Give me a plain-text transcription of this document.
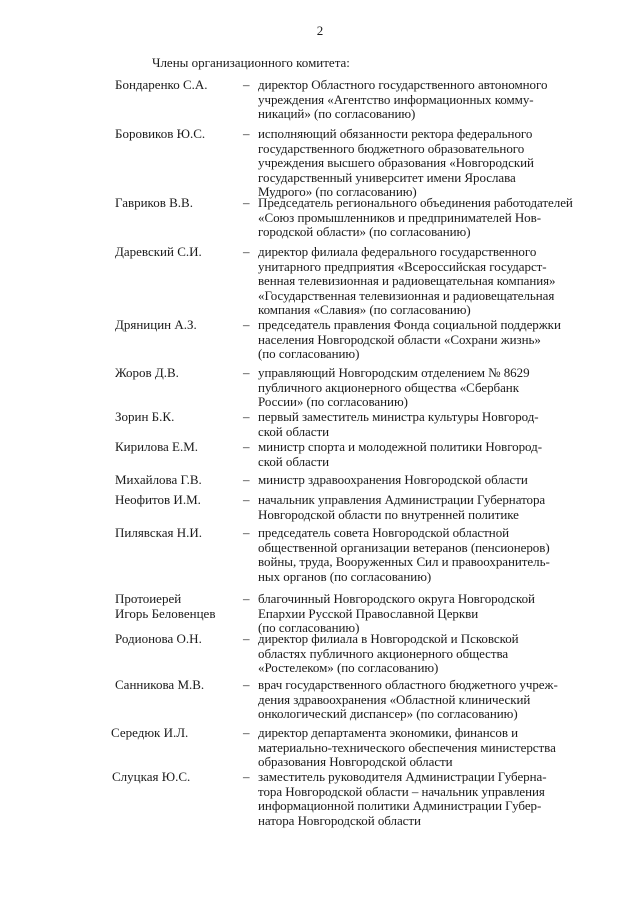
2
Члены организационного комитета:
Бондаренко С.А.	– директор Областного государственного автономного
учреждения «Агентство информационных комму-
никаций» (по согласованию)
Боровиков Ю.С.	– исполняющий обязанности ректора федерального
государственного бюджетного образовательного
учреждения высшего образования «Новгородский
государственный университет имени Ярослава
Мудрого» (по согласованию)
Гавриков В.В.	– Председатель регионального объединения работодателей
«Союз промышленников и предпринимателей Нов-
городской области» (по согласованию)
Даревский С.И.	– директор филиала федерального государственного
унитарного предприятия «Всероссийская государст-
венная телевизионная и радиовещательная компания»
«Государственная телевизионная и радиовещательная
компания «Славия» (по согласованию)
Дряницин А.З.	– председатель правления Фонда социальной поддержки
населения Новгородской области «Сохрани жизнь»
(по согласованию)
Жоров Д.В.	– управляющий Новгородским отделением № 8629
публичного акционерного общества «Сбербанк
России» (по согласованию)
Зорин Б.К.	– первый заместитель министра культуры Новгород-
ской области
Кирилова Е.М.	– министр спорта и молодежной политики Новгород-
ской области
Михайлова Г.В.	– министр здравоохранения Новгородской области
Неофитов И.М.	– начальник управления Администрации Губернатора
Новгородской области по внутренней политике
Пилявская Н.И.	– председатель совета Новгородской областной
общественной организации ветеранов (пенсионеров)
войны, труда, Вооруженных Сил и правоохранитель-
ных органов (по согласованию)
Протоиерей
Игорь Беловенцев
– благочинный Новгородского округа Новгородской
Епархии Русской Православной Церкви
(по согласованию)
Родионова О.Н.	– директор филиала в Новгородской и Псковской
областях публичного акционерного общества
«Ростелеком» (по согласованию)
Санникова М.В.	– врач государственного областного бюджетного учреж-
дения здравоохранения «Областной клинический
онкологический диспансер» (по согласованию)
Середюк И.Л.	– директор департамента экономики, финансов и
материально-технического обеспечения министерства
образования Новгородской области
Слуцкая Ю.С.	– заместитель руководителя Администрации Губерна-
тора Новгородской области – начальник управления
информационной политики Администрации Губер-
натора Новгородской области
